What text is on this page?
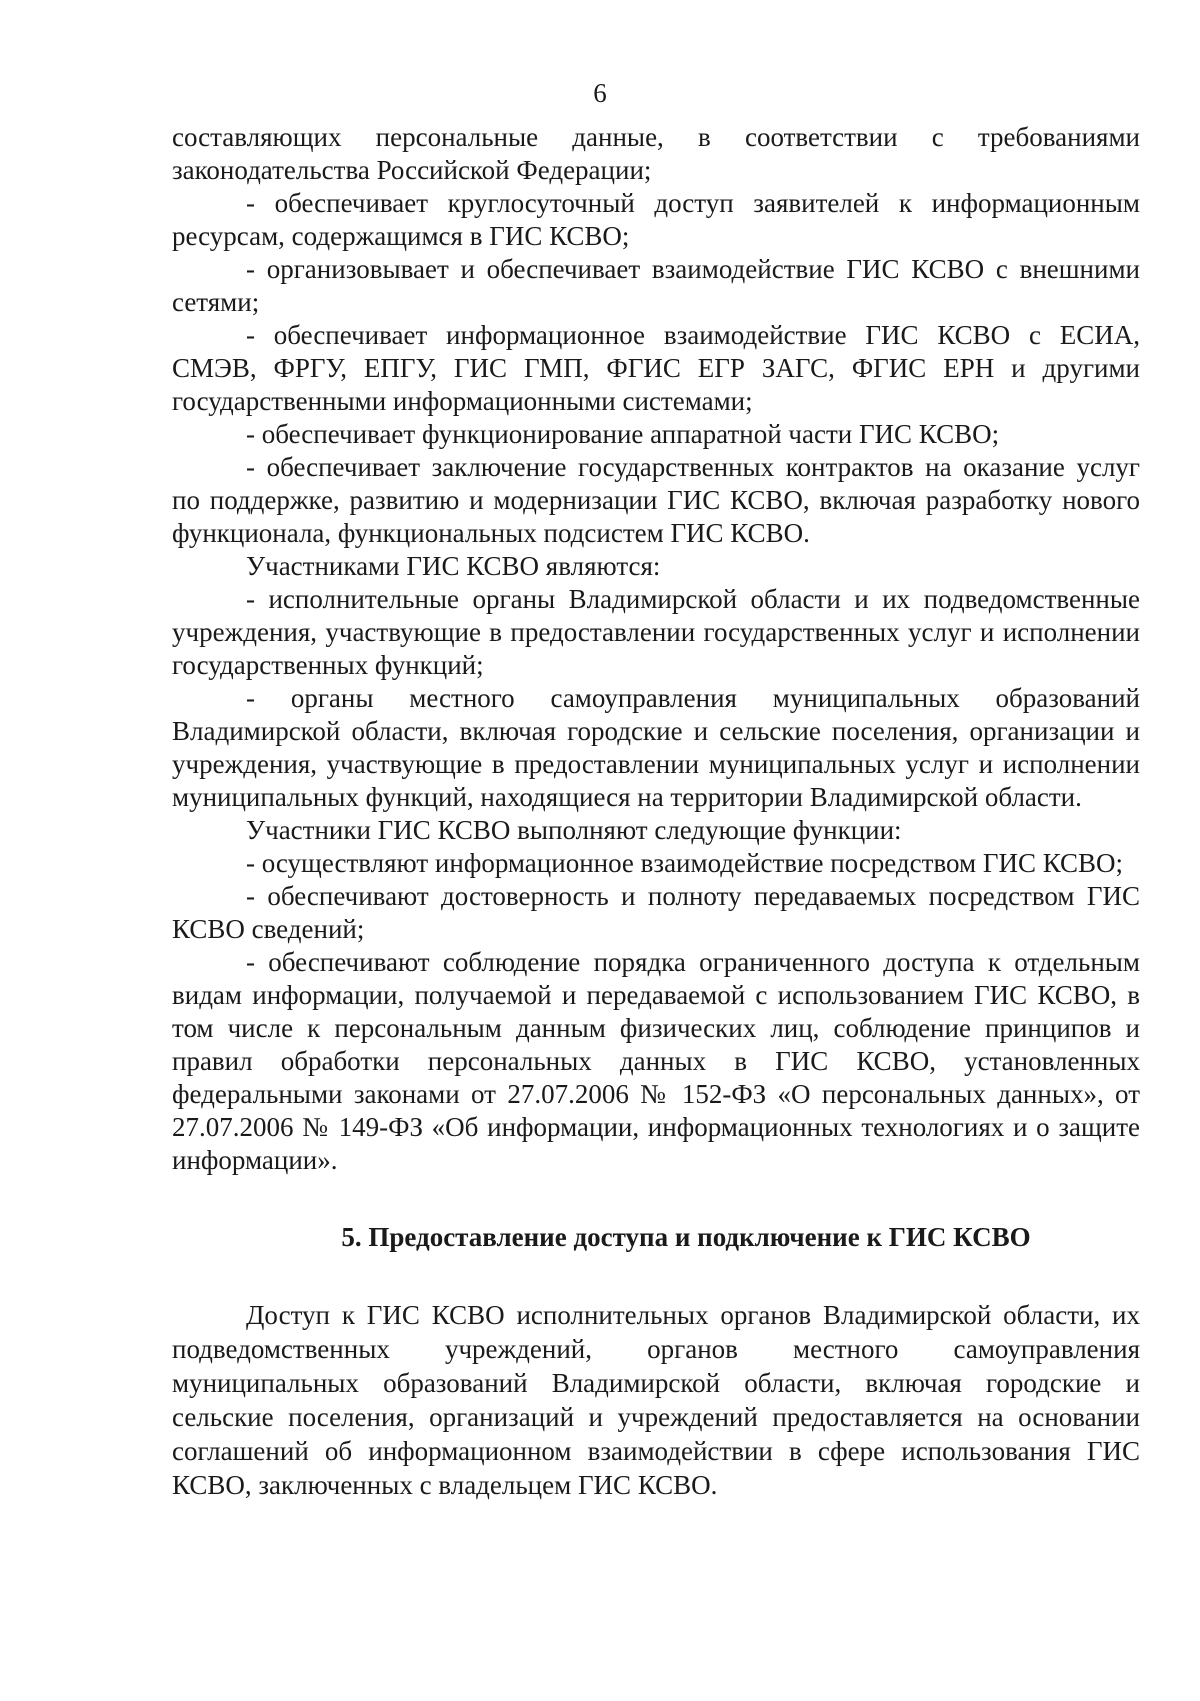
6

составляющих персональные данные, в соответствии с требованиями законодательства Российской Федерации;

- обеспечивает круглосуточный доступ заявителей к информационным ресурсам, содержащимся в ГИС КСВО;

- организовывает и обеспечивает взаимодействие ГИС КСВО с внешними сетями;

- обеспечивает информационное взаимодействие ГИС КСВО с ЕСИА, СМЭВ, ФРГУ, ЕПГУ, ГИС ГМП, ФГИС ЕГР ЗАГС, ФГИС ЕРН и другими государственными информационными системами;

- обеспечивает функционирование аппаратной части ГИС КСВО;

- обеспечивает заключение государственных контрактов на оказание услуг по поддержке, развитию и модернизации ГИС КСВО, включая разработку нового функционала, функциональных подсистем ГИС КСВО.

Участниками ГИС КСВО являются:

- исполнительные органы Владимирской области и их подведомственные учреждения, участвующие в предоставлении государственных услуг и исполнении государственных функций;

- органы местного самоуправления муниципальных образований Владимирской области, включая городские и сельские поселения, организации и учреждения, участвующие в предоставлении муниципальных услуг и исполнении муниципальных функций, находящиеся на территории Владимирской области.

Участники ГИС КСВО выполняют следующие функции:

- осуществляют информационное взаимодействие посредством ГИС КСВО;

- обеспечивают достоверность и полноту передаваемых посредством ГИС КСВО сведений;

- обеспечивают соблюдение порядка ограниченного доступа к отдельным видам информации, получаемой и передаваемой с использованием ГИС КСВО, в том числе к персональным данным физических лиц, соблюдение принципов и правил обработки персональных данных в ГИС КСВО, установленных федеральными законами от 27.07.2006 № 152-ФЗ «О персональных данных», от 27.07.2006 № 149-ФЗ «Об информации, информационных технологиях и о защите информации».

5. Предоставление доступа и подключение к ГИС КСВО

Доступ к ГИС КСВО исполнительных органов Владимирской области, их подведомственных учреждений, органов местного самоуправления муниципальных образований Владимирской области, включая городские и сельские поселения, организаций и учреждений предоставляется на основании соглашений об информационном взаимодействии в сфере использования ГИС КСВО, заключенных с владельцем ГИС КСВО.
